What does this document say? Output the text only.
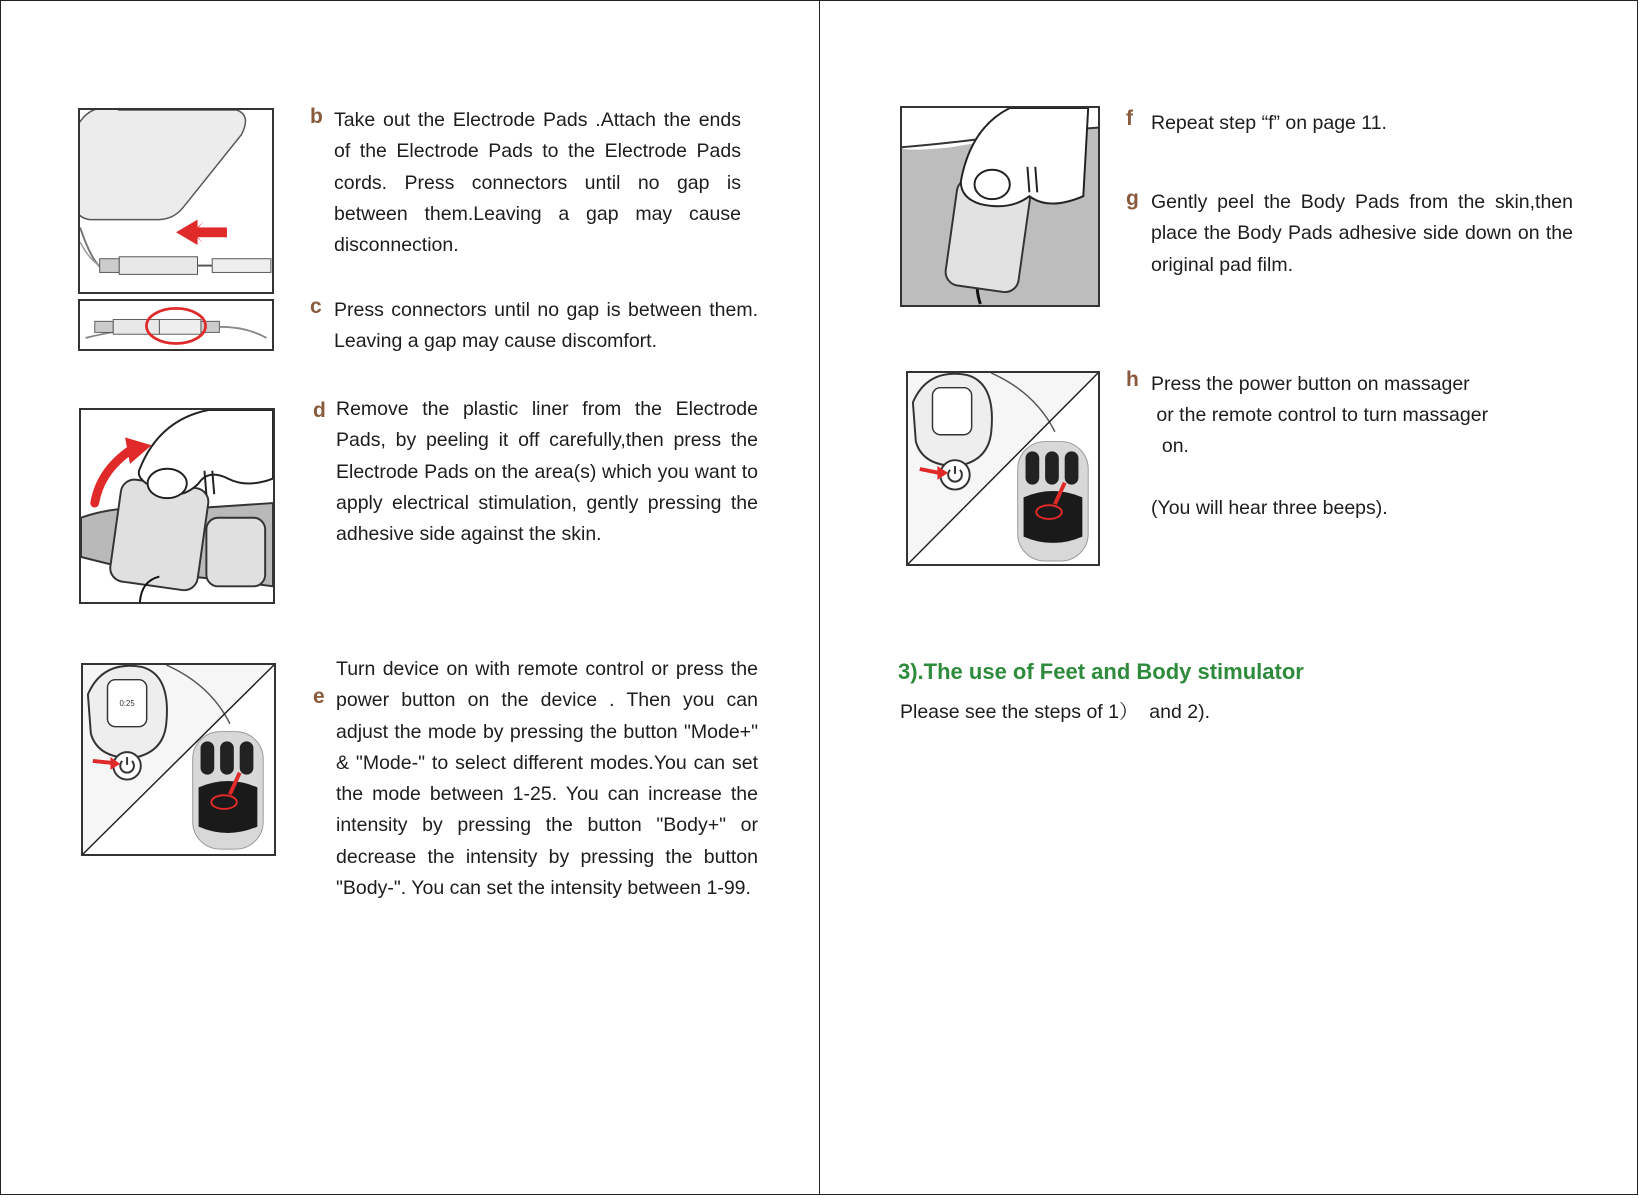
b Take out the Electrode Pads .Attach the ends of the Electrode Pads to the Electrode Pads cords. Press connectors until no gap is between them.Leaving a gap may cause disconnection.
c Press connectors until no gap is between them. Leaving a gap may cause discomfort.
d Remove the plastic liner from the Electrode Pads, by peeling it off carefully,then press the Electrode Pads on the area(s) which you want to apply electrical stimulation, gently pressing the adhesive side against the skin.
0:25	e
Turn device on with remote control or press the power button on the device . Then you can adjust the mode by pressing the button "Mode+" & "Mode-" to select different modes.You can set the mode between 1-25. You can increase the intensity by pressing the button "Body+" or decrease the intensity by pressing the button "Body-". You can set the intensity between 1-99.
f Repeat step “f” on page 11.
g Gently peel the Body Pads from the skin,then place the Body Pads adhesive side down on the original pad film.
h Press the power button on massager
or the remote control to turn massager
on.

(You will hear three beeps).
3).The use of Feet and Body stimulator
Please see the steps of 1）  and 2).
